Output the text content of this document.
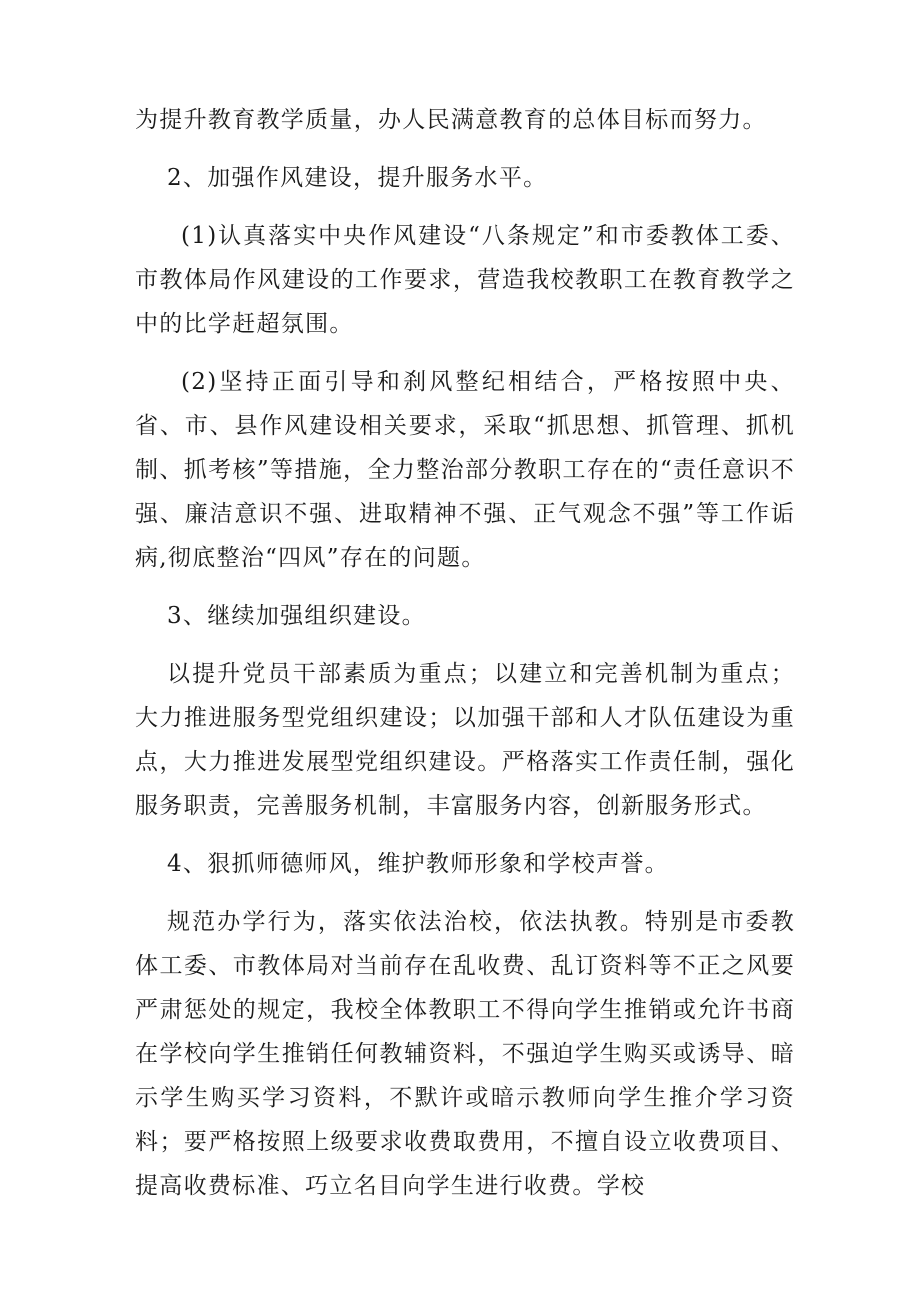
为提升教育教学质量，办人民满意教育的总体目标而努力。

2、加强作风建设，提升服务水平。

(1)认真落实中央作风建设“八条规定”和市委教体工委、市教体局作风建设的工作要求，营造我校教职工在教育教学之中的比学赶超氛围。

(2)坚持正面引导和刹风整纪相结合，严格按照中央、省、市、县作风建设相关要求，采取“抓思想、抓管理、抓机制、抓考核”等措施，全力整治部分教职工存在的“责任意识不强、廉洁意识不强、进取精神不强、正气观念不强”等工作诟病,彻底整治“四风”存在的问题。

3、继续加强组织建设。

以提升党员干部素质为重点；以建立和完善机制为重点；大力推进服务型党组织建设；以加强干部和人才队伍建设为重点，大力推进发展型党组织建设。严格落实工作责任制，强化服务职责，完善服务机制，丰富服务内容，创新服务形式。

4、狠抓师德师风，维护教师形象和学校声誉。

规范办学行为，落实依法治校，依法执教。特别是市委教体工委、市教体局对当前存在乱收费、乱订资料等不正之风要严肃惩处的规定，我校全体教职工不得向学生推销或允许书商在学校向学生推销任何教辅资料，不强迫学生购买或诱导、暗示学生购买学习资料，不默许或暗示教师向学生推介学习资料；要严格按照上级要求收费取费用，不擅自设立收费项目、提高收费标准、巧立名目向学生进行收费。学校
